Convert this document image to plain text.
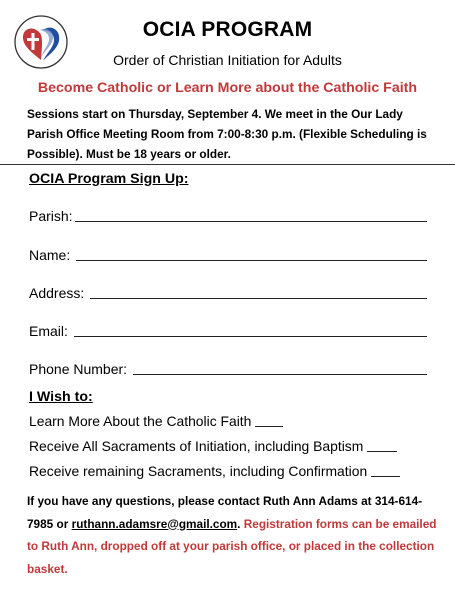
OCIA PROGRAM
Order of Christian Initiation for Adults
Become Catholic or Learn More about the Catholic Faith
Sessions start on Thursday, September 4. We meet in the Our Lady Parish Office Meeting Room from 7:00-8:30 p.m. (Flexible Scheduling is Possible). Must be 18 years or older.
OCIA Program Sign Up:
Parish:
Name:
Address:
Email:
Phone Number:
I Wish to:
Learn More About the Catholic Faith
Receive All Sacraments of Initiation, including Baptism
Receive remaining Sacraments, including Confirmation
If you have any questions, please contact Ruth Ann Adams at 314-614-7985 or ruthann.adamsre@gmail.com. Registration forms can be emailed to Ruth Ann, dropped off at your parish office, or placed in the collection basket.
